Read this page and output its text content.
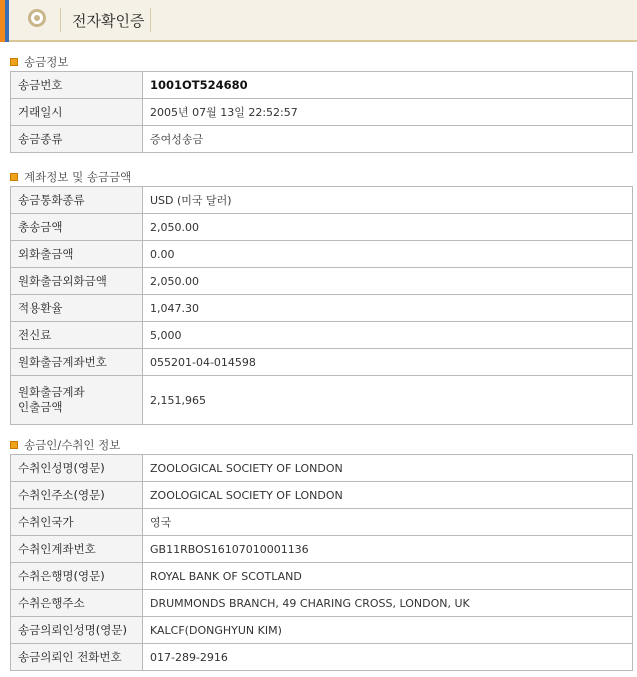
전자확인증
송금정보
송금번호	1001OT524680
거래일시	2005년 07월 13일 22:52:57
송금종류	증여성송금
계좌정보 및 송금금액
송금통화종류	USD (미국 달러)
총송금액	2,050.00
외화출금액	0.00
원화출금외화금액	2,050.00
적용환율	1,047.30
전신료	5,000
원화출금계좌번호	055201-04-014598
원화출금계좌
인출금액	2,151,965
송금인/수취인 정보
수취인성명(영문)	ZOOLOGICAL SOCIETY OF LONDON
수취인주소(영문)	ZOOLOGICAL SOCIETY OF LONDON
수취인국가	영국
수취인계좌번호	GB11RBOS16107010001136
수취은행명(영문)	ROYAL BANK OF SCOTLAND
수취은행주소	DRUMMONDS BRANCH, 49 CHARING CROSS, LONDON, UK
송금의뢰인성명(영문)	KALCF(DONGHYUN KIM)
송금의뢰인 전화번호	017-289-2916
